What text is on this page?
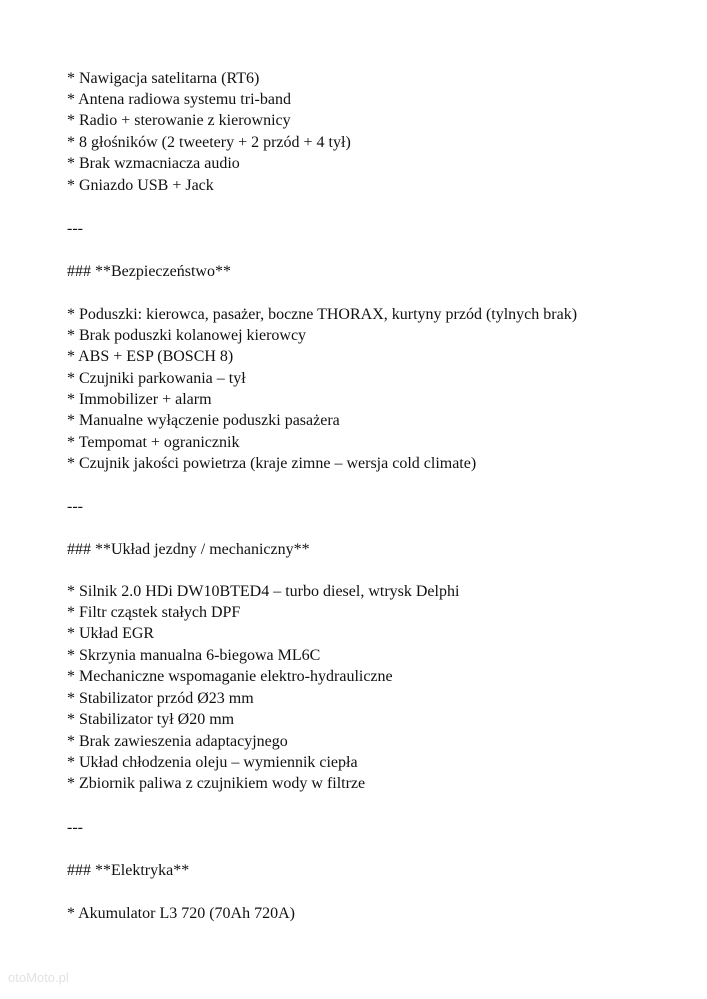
* Nawigacja satelitarna (RT6)
* Antena radiowa systemu tri-band
* Radio + sterowanie z kierownicy
* 8 głośników (2 tweetery + 2 przód + 4 tył)
* Brak wzmacniacza audio
* Gniazdo USB + Jack
---
### **Bezpieczeństwo**
* Poduszki: kierowca, pasażer, boczne THORAX, kurtyny przód (tylnych brak)
* Brak poduszki kolanowej kierowcy
* ABS + ESP (BOSCH 8)
* Czujniki parkowania – tył
* Immobilizer + alarm
* Manualne wyłączenie poduszki pasażera
* Tempomat + ogranicznik
* Czujnik jakości powietrza (kraje zimne – wersja cold climate)
---
### **Układ jezdny / mechaniczny**
* Silnik 2.0 HDi DW10BTED4 – turbo diesel, wtrysk Delphi
* Filtr cząstek stałych DPF
* Układ EGR
* Skrzynia manualna 6-biegowa ML6C
* Mechaniczne wspomaganie elektro-hydrauliczne
* Stabilizator przód Ø23 mm
* Stabilizator tył Ø20 mm
* Brak zawieszenia adaptacyjnego
* Układ chłodzenia oleju – wymiennik ciepła
* Zbiornik paliwa z czujnikiem wody w filtrze
---
### **Elektryka**
* Akumulator L3 720 (70Ah 720A)
otoMoto.pl
